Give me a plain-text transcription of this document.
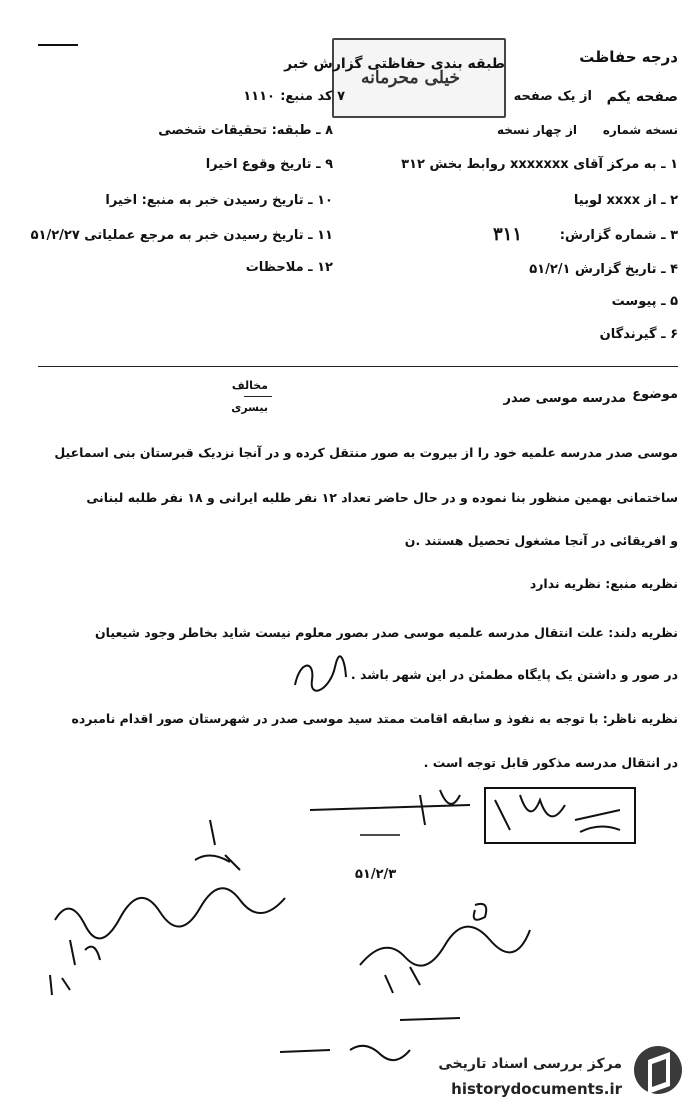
درجه حفاظت
طبقه بندی حفاظتی گزارش خبر
خیلی محرمانه
صفحه یکم
از یک صفحه
۷ کد منبع:
۱۱۱۰
نسخه شماره
از چهار نسخه
۸ ـ طبقه: تحقیقات شخصی
۹ ـ تاریخ وقوع اخیرا
۱۰ ـ تاریخ رسیدن خبر به منبع: اخیرا
۱۱ ـ تاریخ رسیدن خبر به مرجع عملیاتی ۵۱/۲/۲۷
۱۲ ـ ملاحظات
۱ ـ به مرکز آقای xxxxxxx روابط بخش ۳۱۲
۲ ـ از xxxx لوبیا
۳ ـ شماره گزارش:
۳۱۱
۴ ـ تاریخ گزارش ۵۱/۲/۱
۵ ـ پیوست
۶ ـ گیرندگان
موضوع
مدرسه موسی صدر
مخالف
بیسری
موسی صدر مدرسه علمیه خود را از بیروت به صور منتقل کرده و در آنجا نزدیک قبرستان بنی اسماعیل
ساختمانی بهمین منظور بنا نموده و در حال حاضر تعداد ۱۲ نفر طلبه ایرانی و ۱۸ نفر طلبه لبنانی
و افریقائی در آنجا مشغول تحصیل هستند .ن
نظریه منبع: نظریه ندارد
نظریه دلند: علت انتقال مدرسه علمیه موسی صدر بصور معلوم نیست شاید بخاطر وجود شیعیان
در صور و داشتن یک پایگاه مطمئن در این شهر باشد .
نظریه ناظر: با توجه به نفوذ و سابقه اقامت ممتد سید موسی صدر در شهرستان صور اقدام نامبرده
در انتقال مدرسه مذکور قابل توجه است .
۵۱/۲/۳
مرکز بررسی اسناد تاریخی
historydocuments.ir
